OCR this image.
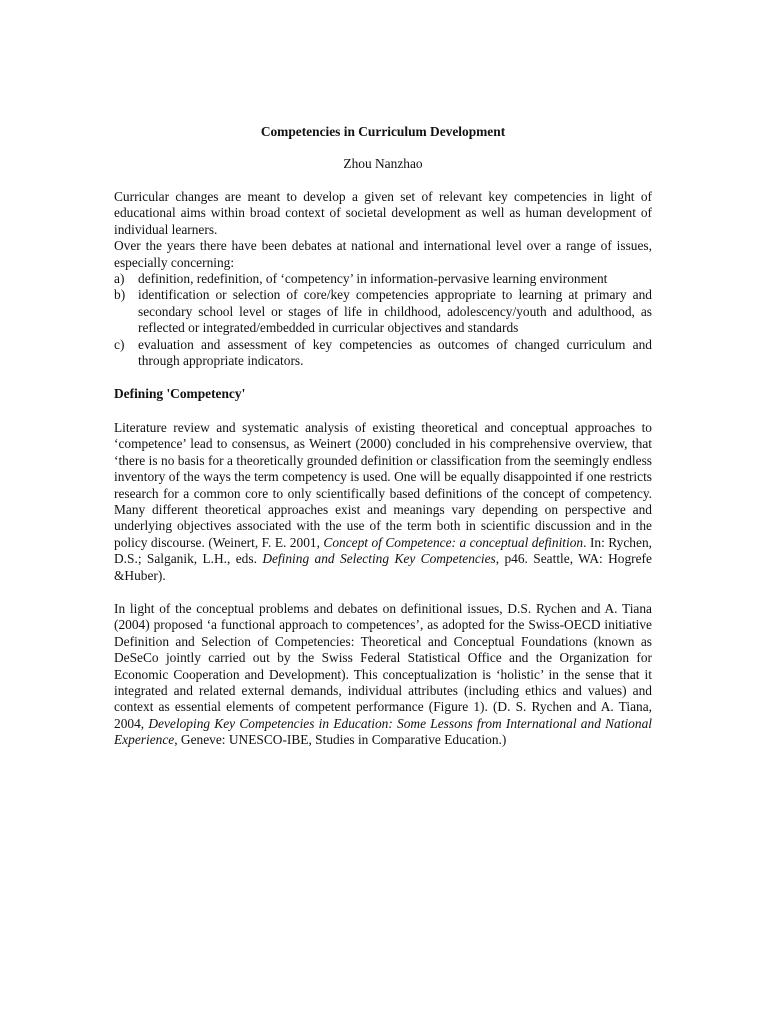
Competencies in Curriculum Development
Zhou Nanzhao

Curricular changes are meant to develop a given set of relevant key competencies in light of educational aims within broad context of societal development as well as human development of individual learners.

Over the years there have been debates at national and international level over a range of issues, especially concerning:

a) definition, redefinition, of ‘competency’ in information-pervasive learning environment
b) identification or selection of core/key competencies appropriate to learning at primary and secondary school level or stages of life in childhood, adolescency/youth and adulthood, as reflected or integrated/embedded in curricular objectives and standards
c) evaluation and assessment of key competencies as outcomes of changed curriculum and through appropriate indicators.

Defining 'Competency'

Literature review and systematic analysis of existing theoretical and conceptual approaches to ‘competence’ lead to consensus, as Weinert (2000) concluded in his comprehensive overview, that ‘there is no basis for a theoretically grounded definition or classification from the seemingly endless inventory of the ways the term competency is used. One will be equally disappointed if one restricts research for a common core to only scientifically based definitions of the concept of competency. Many different theoretical approaches exist and meanings vary depending on perspective and underlying objectives associated with the use of the term both in scientific discussion and in the policy discourse. (Weinert, F. E. 2001, Concept of Competence: a conceptual definition. In: Rychen, D.S.; Salganik, L.H., eds. Defining and Selecting Key Competencies, p46. Seattle, WA: Hogrefe &Huber).

In light of the conceptual problems and debates on definitional issues, D.S. Rychen and A. Tiana (2004) proposed ‘a functional approach to competences’, as adopted for the Swiss-OECD initiative Definition and Selection of Competencies: Theoretical and Conceptual Foundations (known as DeSeCo jointly carried out by the Swiss Federal Statistical Office and the Organization for Economic Cooperation and Development). This conceptualization is ‘holistic’ in the sense that it integrated and related external demands, individual attributes (including ethics and values) and context as essential elements of competent performance (Figure 1). (D. S. Rychen and A. Tiana, 2004, Developing Key Competencies in Education: Some Lessons from International and National Experience, Geneve: UNESCO-IBE, Studies in Comparative Education.)
